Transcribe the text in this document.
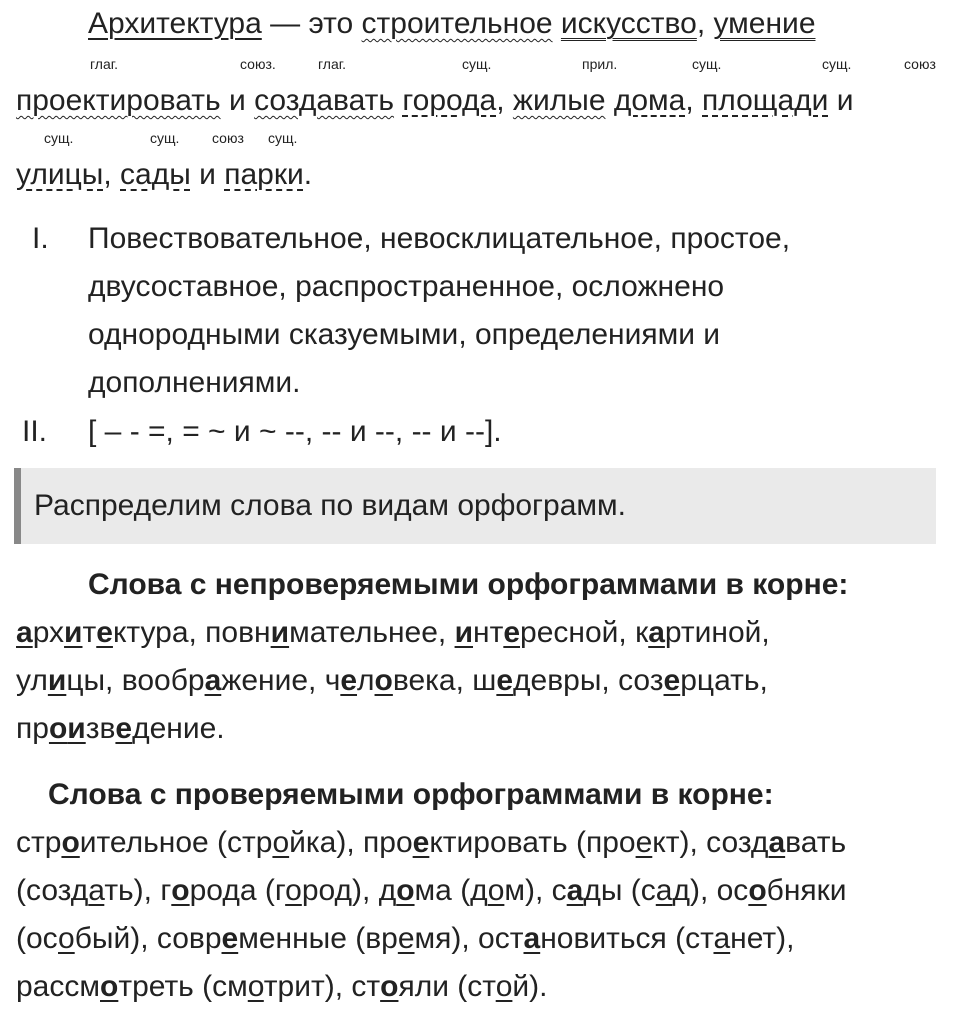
Архитектура — это строительное искусство, умение
глаг.	союз.	глаг.	сущ.	прил.	сущ.	сущ.	союз
проектировать и создавать города, жилые дома, площади и
сущ.	сущ. союз сущ.
улицы, сады и парки.
I. Повествовательное, невосклицательное, простое,
двусоставное, распространенное, осложнено
однородными сказуемыми, определениями и
дополнениями.
II. [ – - =, = ~ и ~ --, -- и --, -- и --].
Распределим слова по видам орфограмм.
Слова с непроверяемыми орфограммами в корне:
архитектура, повнимательнее, интересной, картиной,
улицы, воображение, человека, шедевры, созерцать,
произведение.
Слова с проверяемыми орфограммами в корне:
строительное (стройка), проектировать (проект), создавать
(создать), города (город), дома (дом), сады (сад), особняки
(особый), современные (время), остановиться (станет),
рассмотреть (смотрит), стояли (стой).
